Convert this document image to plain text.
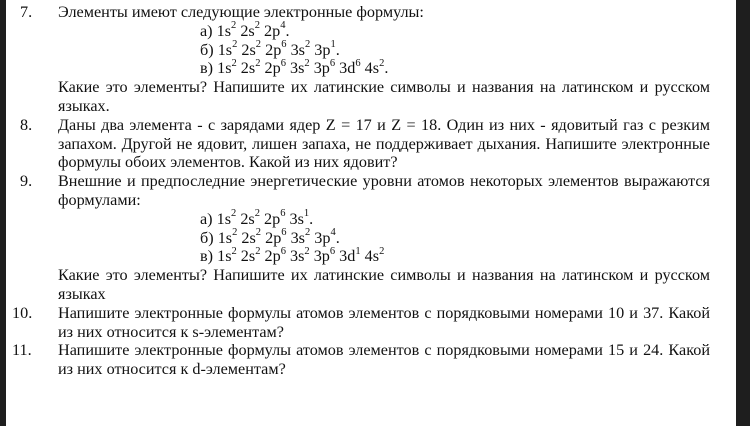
7. Элементы имеют следующие электронные формулы:
а) $1s^2$ $2s^2$ $2p^4$.
б) $1s^2$ $2s^2$ $2p^6$ $3s^2$ $3p^1$.
в) $1s^2$ $2s^2$ $2p^6$ $3s^2$ $3p^6$ $3d^6$ $4s^2$.
Какие это элементы? Напишите их латинские символы и названия на латинском и русском языках.
8. Даны два элемента - с зарядами ядер Z = 17 и Z = 18. Один из них - ядовитый газ с резким запахом. Другой не ядовит, лишен запаха, не поддерживает дыхания. Напишите электронные формулы обоих элементов. Какой из них ядовит?
9. Внешние и предпоследние энергетические уровни атомов некоторых элементов выражаются формулами:
а) $1s^2$ $2s^2$ $2p^6$ $3s^1$.
б) $1s^2$ $2s^2$ $2p^6$ $3s^2$ $3p^4$.
в) $1s^2$ $2s^2$ $2p^6$ $3s^2$ $3p^6$ $3d^1$ $4s^2$
Какие это элементы? Напишите их латинские символы и названия на латинском и русском языках
10. Напишите электронные формулы атомов элементов с порядковыми номерами 10 и 37. Какой из них относится к s-элементам?
11. Напишите электронные формулы атомов элементов с порядковыми номерами 15 и 24. Какой из них относится к d-элементам?
